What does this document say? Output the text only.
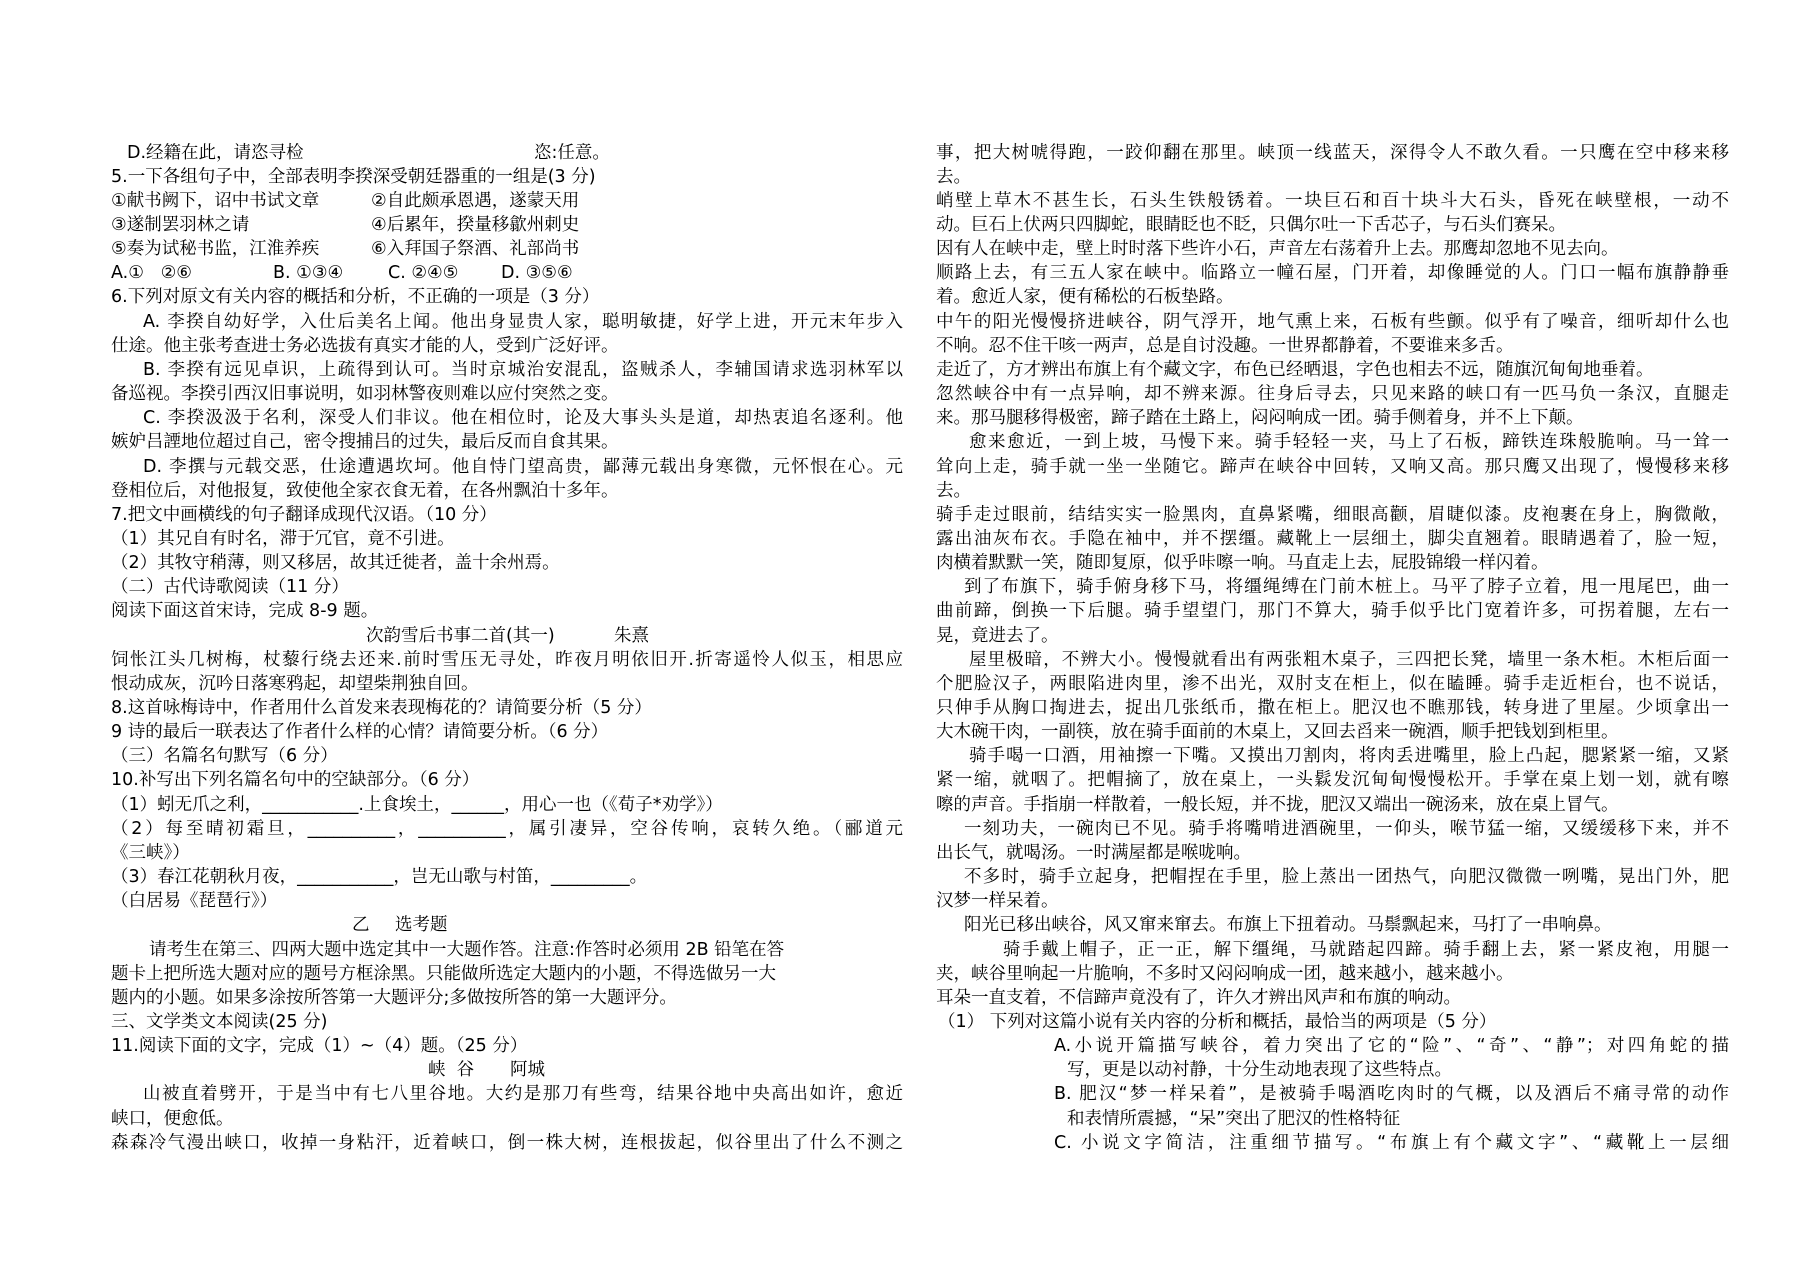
D.经籍在此，请恣寻检	恣:任意。
5.一下各组句子中，全部表明李揆深受朝廷器重的一组是(3 分)
①献书阙下，诏中书试文章	②自此颇承恩遇，遂蒙天用
③遂制罢羽林之请	④后累年，揆量移歙州刺史
⑤奏为试秘书监，江淮养疾	⑥入拜国子祭酒、礼部尚书
A.①   ②⑥	B. ①③④	C. ②④⑤ D. ③⑤⑥
6.下列对原文有关内容的概括和分析，不正确的一项是（3 分）
A. 李揆自幼好学，入仕后美名上闻。他出身显贵人家，聪明敏捷，好学上进，开元末年步入
仕途。他主张考查进士务必选拔有真实才能的人，受到广泛好评。
B. 李揆有远见卓识，上疏得到认可。当时京城治安混乱，盗贼杀人，李辅国请求选羽林军以
备巡视。李揆引西汉旧事说明，如羽林警夜则难以应付突然之变。
C. 李揆汲汲于名利，深受人们非议。他在相位时，论及大事头头是道，却热衷追名逐利。他
嫉妒吕諲地位超过自己，密令搜捕吕的过失，最后反而自食其果。
D. 李撰与元载交恶，仕途遭遇坎坷。他自恃门望高贵，鄙薄元载出身寒微，元怀恨在心。元
登相位后，对他报复，致使他全家衣食无着，在各州飘泊十多年。
7.把文中画横线的句子翻译成现代汉语。（10 分）
（1）其兄自有时名，滞于冗官，竟不引进。
（2）其牧守稍薄，则又移居，故其迁徙者，盖十余州焉。
（二）古代诗歌阅读（11 分）
阅读下面这首宋诗，完成 8-9 题。
次韵雪后书事二首(其一)	朱熹
饲怅江头几树梅，杖藜行绕去还来.前时雪压无寻处，昨夜月明依旧开.折寄遥怜人似玉，相思应
恨动成灰，沉吟日落寒鸦起，却望柴荆独自回。
8.这首咏梅诗中，作者用什么首发来表现梅花的？请简要分析（5 分）
9 诗的最后一联表达了作者什么样的心情？请简要分析。（6 分）
（三）名篇名句默写（6 分）
10.补写出下列名篇名句中的空缺部分。（6 分）
（1）蚓无爪之利，___________.上食埃土，______，用心一也（《荀子*劝学》）
（2）每至晴初霜旦，__________，__________，属引凄异，空谷传响，哀转久绝。（郦道元
《三峡》）
（3）春江花朝秋月夜，___________，岂无山歌与村笛，_________。
（白居易《琵琶行》）
乙 选考题
请考生在第三、四两大题中选定其中一大题作答。注意:作答时必须用 2B 铅笔在答
题卡上把所选大题对应的题号方框涂黑。只能做所选定大题内的小题，不得选做另一大
题内的小题。如果多涂按所答第一大题评分;多做按所答的第一大题评分。
三、文学类文本阅读(25 分)
11.阅读下面的文字，完成（1）~（4）题。（25 分）
峡  谷 阿城
山被直着劈开，于是当中有七八里谷地。大约是那刀有些弯，结果谷地中央高出如许，愈近
峡口，便愈低。
森森冷气漫出峡口，收掉一身粘汗，近着峡口，倒一株大树，连根拔起，似谷里出了什么不测之
事，把大树唬得跑，一跤仰翻在那里。峡顶一线蓝天，深得令人不敢久看。一只鹰在空中移来移
去。
峭壁上草木不甚生长，石头生铁般锈着。一块巨石和百十块斗大石头，昏死在峡壁根，一动不
动。巨石上伏两只四脚蛇，眼睛眨也不眨，只偶尔吐一下舌芯子，与石头们赛呆。
因有人在峡中走，壁上时时落下些许小石，声音左右荡着升上去。那鹰却忽地不见去向。
顺路上去，有三五人家在峡中。临路立一幢石屋，门开着，却像睡觉的人。门口一幅布旗静静垂
着。愈近人家，便有稀松的石板垫路。
中午的阳光慢慢挤进峡谷，阴气浮开，地气熏上来，石板有些颤。似乎有了噪音，细听却什么也
不响。忍不住干咳一两声，总是自讨没趣。一世界都静着，不要谁来多舌。
走近了，方才辨出布旗上有个藏文字，布色已经晒退，字色也相去不远，随旗沉甸甸地垂着。
忽然峡谷中有一点异响，却不辨来源。往身后寻去，只见来路的峡口有一匹马负一条汉，直腿走
来。那马腿移得极密，蹄子踏在土路上，闷闷响成一团。骑手侧着身，并不上下颠。
愈来愈近，一到上坡，马慢下来。骑手轻轻一夹，马上了石板，蹄铁连珠般脆响。马一耸一
耸向上走，骑手就一坐一坐随它。蹄声在峡谷中回转，又响又高。那只鹰又出现了，慢慢移来移
去。
骑手走过眼前，结结实实一脸黑肉，直鼻紧嘴，细眼高颧，眉睫似漆。皮袍裹在身上，胸微敞，
露出油灰布衣。手隐在袖中，并不摆缰。藏靴上一层细土，脚尖直翘着。眼睛遇着了，脸一短，
肉横着默默一笑，随即复原，似乎咔嚓一响。马直走上去，屁股锦缎一样闪着。
到了布旗下，骑手俯身移下马，将缰绳缚在门前木桩上。马平了脖子立着，甩一甩尾巴，曲一
曲前蹄，倒换一下后腿。骑手望望门，那门不算大，骑手似乎比门宽着许多，可拐着腿，左右一
晃，竟进去了。
屋里极暗，不辨大小。慢慢就看出有两张粗木桌子，三四把长凳，墙里一条木柜。木柜后面一
个肥脸汉子，两眼陷进肉里，渗不出光，双肘支在柜上，似在瞌睡。骑手走近柜台，也不说话，
只伸手从胸口掏进去，捉出几张纸币，撒在柜上。肥汉也不瞧那钱，转身进了里屋。少顷拿出一
大木碗干肉，一副筷，放在骑手面前的木桌上，又回去舀来一碗酒，顺手把钱划到柜里。
骑手喝一口酒，用袖擦一下嘴。又摸出刀割肉，将肉丢进嘴里，脸上凸起，腮紧紧一缩，又紧
紧一缩，就咽了。把帽摘了，放在桌上，一头鬏发沉甸甸慢慢松开。手掌在桌上划一划，就有嚓
嚓的声音。手指崩一样散着，一般长短，并不拢，肥汉又端出一碗汤来，放在桌上冒气。
一刻功夫，一碗肉已不见。骑手将嘴啃进酒碗里，一仰头，喉节猛一缩，又缓缓移下来，并不
出长气，就喝汤。一时满屋都是喉咙响。
不多时，骑手立起身，把帽捏在手里，脸上蒸出一团热气，向肥汉微微一咧嘴，晃出门外，肥
汉梦一样呆着。
阳光已移出峡谷，风又窜来窜去。布旗上下扭着动。马鬃飘起来，马打了一串响鼻。
骑手戴上帽子，正一正，解下缰绳，马就踏起四蹄。骑手翻上去，紧一紧皮袍，用腿一
夹，峡谷里响起一片脆响，不多时又闷闷响成一团，越来越小，越来越小。
耳朵一直支着，不信蹄声竟没有了，许久才辨出风声和布旗的响动。
（1） 下列对这篇小说有关内容的分析和概括，最恰当的两项是（5 分）
A.小说开篇描写峡谷，着力突出了它的“险”、“奇”、“静”；对四角蛇的描
写，更是以动衬静，十分生动地表现了这些特点。
B. 肥汉“梦一样呆着”，是被骑手喝酒吃肉时的气概，以及酒后不痛寻常的动作
和表情所震撼，“呆”突出了肥汉的性格特征
C. 小说文字简洁，注重细节描写。“布旗上有个藏文字”、“藏靴上一层细
